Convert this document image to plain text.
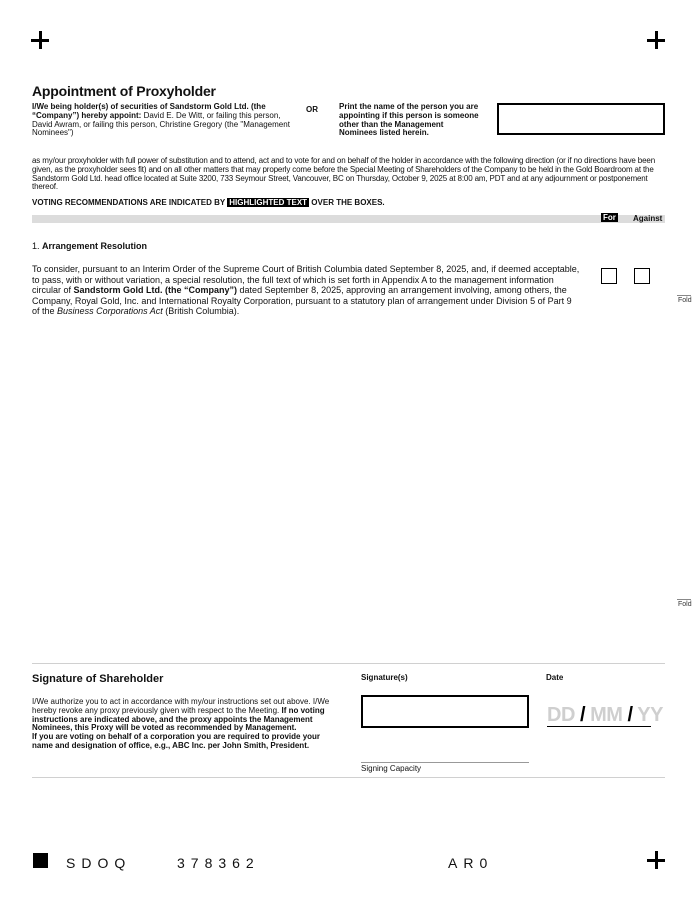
Appointment of Proxyholder
I/We being holder(s) of securities of Sandstorm Gold Ltd. (the “Company”) hereby appoint: David E. De Witt, or failing this person, David Awram, or failing this person, Christine Gregory (the "Management Nominees")
OR	Print the name of the person you are appointing if this person is someone other than the Management Nominees listed herein.
as my/our proxyholder with full power of substitution and to attend, act and to vote for and on behalf of the holder in accordance with the following direction (or if no directions have been given, as the proxyholder sees fit) and on all other matters that may properly come before the Special Meeting of Shareholders of the Company to be held in the Gold Boardroom at the Sandstorm Gold Ltd. head office located at Suite 3200, 733 Seymour Street, Vancouver, BC on Thursday, October 9, 2025 at 8:00 am, PDT and at any adjournment or postponement thereof.
VOTING RECOMMENDATIONS ARE INDICATED BY HIGHLIGHTED TEXT OVER THE BOXES.
For Against
1. Arrangement Resolution
To consider, pursuant to an Interim Order of the Supreme Court of British Columbia dated September 8, 2025, and, if deemed acceptable, to pass, with or without variation, a special resolution, the full text of which is set forth in Appendix A to the management information circular of Sandstorm Gold Ltd. (the “Company”) dated September 8, 2025, approving an arrangement involving, among others, the Company, Royal Gold, Inc. and International Royalty Corporation, pursuant to a statutory plan of arrangement under Division 5 of Part 9 of the Business Corporations Act (British Columbia).
Fold
Fold
Signature of Shareholder	Signature(s)	Date
I/We authorize you to act in accordance with my/our instructions set out above. I/We hereby revoke any proxy previously given with respect to the Meeting. If no voting instructions are indicated above, and the proxy appoints the Management Nominees, this Proxy will be voted as recommended by Management.
If you are voting on behalf of a corporation you are required to provide your name and designation of office, e.g., ABC Inc. per John Smith, President.
DD / MM / YY
Signing Capacity
SDOQ	378362	AR0
